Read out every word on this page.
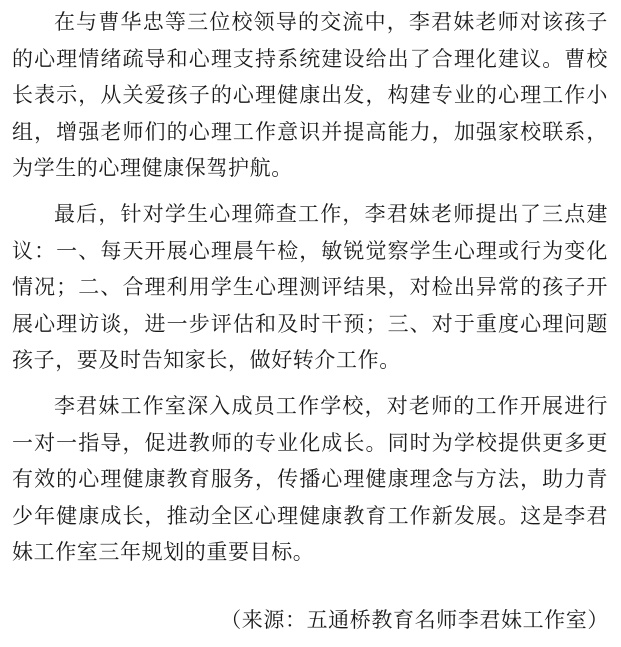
在与曹华忠等三位校领导的交流中，李君妹老师对该孩子的心理情绪疏导和心理支持系统建设给出了合理化建议。曹校长表示，从关爱孩子的心理健康出发，构建专业的心理工作小组，增强老师们的心理工作意识并提高能力，加强家校联系，为学生的心理健康保驾护航。

最后，针对学生心理筛查工作，李君妹老师提出了三点建议：一、每天开展心理晨午检，敏锐觉察学生心理或行为变化情况；二、合理利用学生心理测评结果，对检出异常的孩子开展心理访谈，进一步评估和及时干预；三、对于重度心理问题孩子，要及时告知家长，做好转介工作。

李君妹工作室深入成员工作学校，对老师的工作开展进行一对一指导，促进教师的专业化成长。同时为学校提供更多更有效的心理健康教育服务，传播心理健康理念与方法，助力青少年健康成长，推动全区心理健康教育工作新发展。这是李君妹工作室三年规划的重要目标。

（来源：五通桥教育名师李君妹工作室）
